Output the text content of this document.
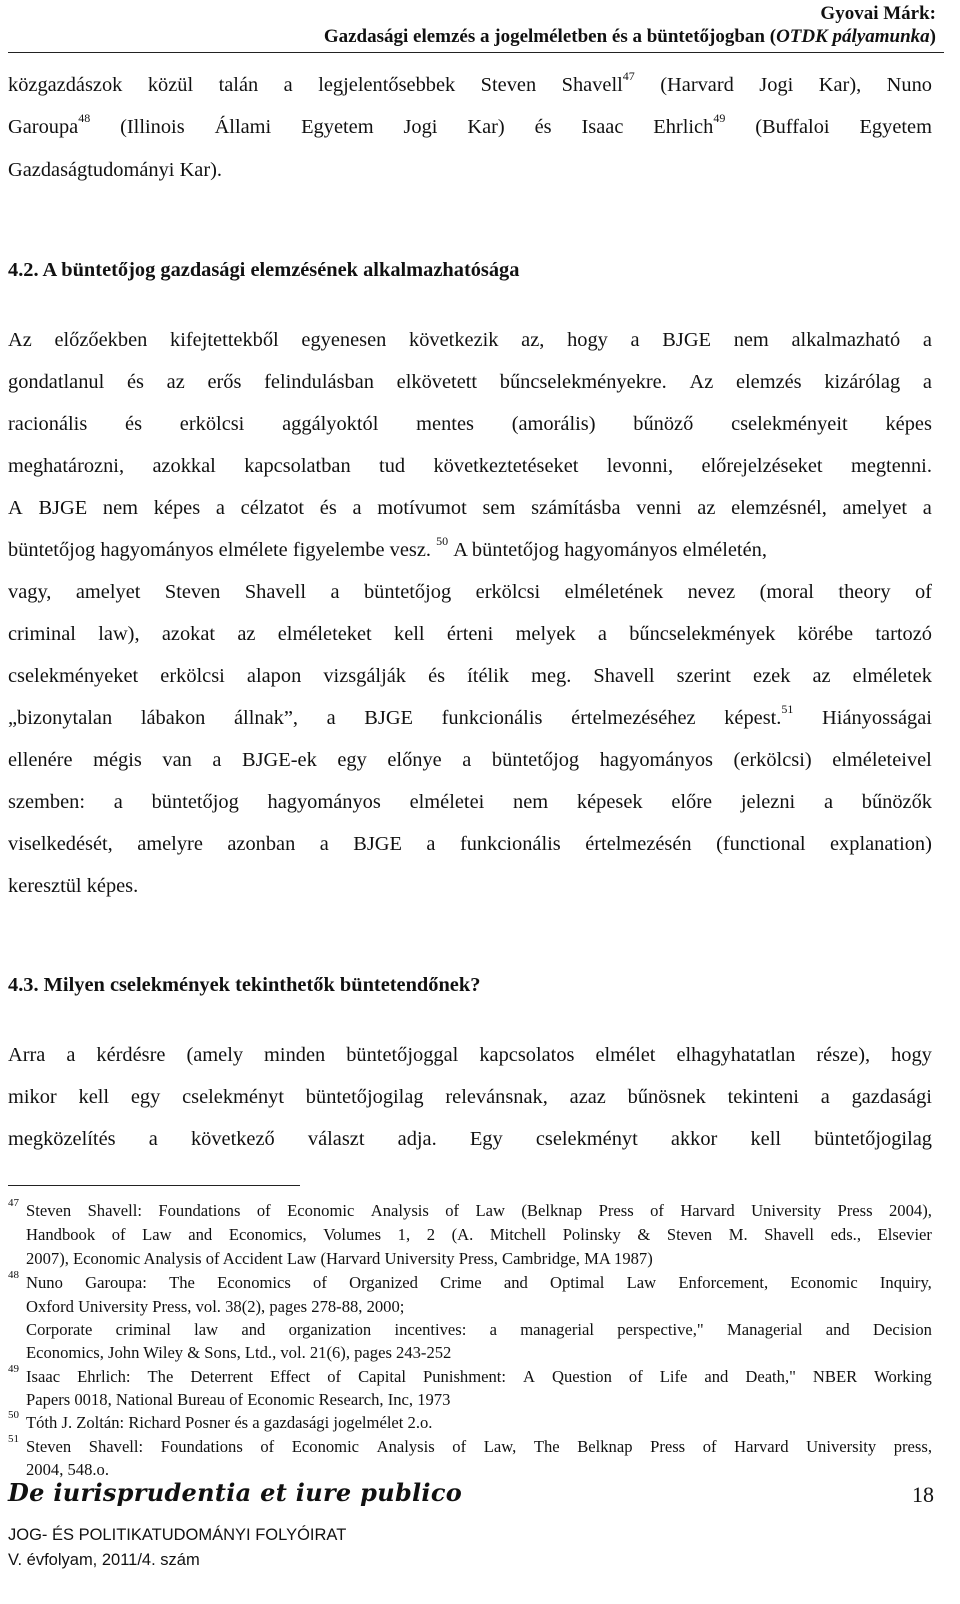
Gyovai Márk:
Gazdasági elemzés a jogelméletben és a büntetőjogban (OTDK pályamunka)
közgazdászok közül talán a legjelentősebbek Steven Shavell$^{47}$ (Harvard Jogi Kar), Nuno
Garoupa$^{48}$ (Illinois Állami Egyetem Jogi Kar) és Isaac Ehrlich$^{49}$ (Buffaloi Egyetem
Gazdaságtudományi Kar).
4.2. A büntetőjog gazdasági elemzésének alkalmazhatósága
Az előzőekben kifejtettekből egyenesen következik az, hogy a BJGE nem alkalmazható a
gondatlanul és az erős felindulásban elkövetett bűncselekményekre. Az elemzés kizárólag a
racionális és erkölcsi aggályoktól mentes (amorális) bűnöző cselekményeit képes
meghatározni, azokkal kapcsolatban tud következtetéseket levonni, előrejelzéseket megtenni.
A BJGE nem képes a célzatot és a motívumot sem számításba venni az elemzésnél, amelyet a
büntetőjog hagyományos elmélete figyelembe vesz. $^{50}$ A büntetőjog hagyományos elméletén,
vagy, amelyet Steven Shavell a büntetőjog erkölcsi elméletének nevez (moral theory of
criminal law), azokat az elméleteket kell érteni melyek a bűncselekmények körébe tartozó
cselekményeket erkölcsi alapon vizsgálják és ítélik meg. Shavell szerint ezek az elméletek
„bizonytalan lábakon állnak”, a BJGE funkcionális értelmezéséhez képest.$^{51}$ Hiányosságai
ellenére mégis van a BJGE-ek egy előnye a büntetőjog hagyományos (erkölcsi) elméleteivel
szemben: a büntetőjog hagyományos elméletei nem képesek előre jelezni a bűnözők
viselkedését, amelyre azonban a BJGE a funkcionális értelmezésén (functional explanation)
keresztül képes.
4.3. Milyen cselekmények tekinthetők büntetendőnek?
Arra a kérdésre (amely minden büntetőjoggal kapcsolatos elmélet elhagyhatatlan része), hogy
mikor kell egy cselekményt büntetőjogilag relevánsnak, azaz bűnösnek tekinteni a gazdasági
megközelítés a következő választ adja. Egy cselekményt akkor kell büntetőjogilag
47 Steven Shavell: Foundations of Economic Analysis of Law (Belknap Press of Harvard University Press 2004),
Handbook of Law and Economics, Volumes 1, 2 (A. Mitchell Polinsky & Steven M. Shavell eds., Elsevier
2007), Economic Analysis of Accident Law (Harvard University Press, Cambridge, MA 1987)
48 Nuno Garoupa: The Economics of Organized Crime and Optimal Law Enforcement, Economic Inquiry,
Oxford University Press, vol. 38(2), pages 278-88, 2000;
Corporate criminal law and organization incentives: a managerial perspective," Managerial and Decision
Economics, John Wiley & Sons, Ltd., vol. 21(6), pages 243-252
49 Isaac Ehrlich: The Deterrent Effect of Capital Punishment: A Question of Life and Death," NBER Working
Papers 0018, National Bureau of Economic Research, Inc, 1973
50 Tóth J. Zoltán: Richard Posner és a gazdasági jogelmélet 2.o.
51 Steven Shavell: Foundations of Economic Analysis of Law, The Belknap Press of Harvard University press,
2004, 548.o.
De iurisprudentia et iure publico
JOG- ÉS POLITIKATUDOMÁNYI FOLYÓIRAT
V. évfolyam, 2011/4. szám
18
